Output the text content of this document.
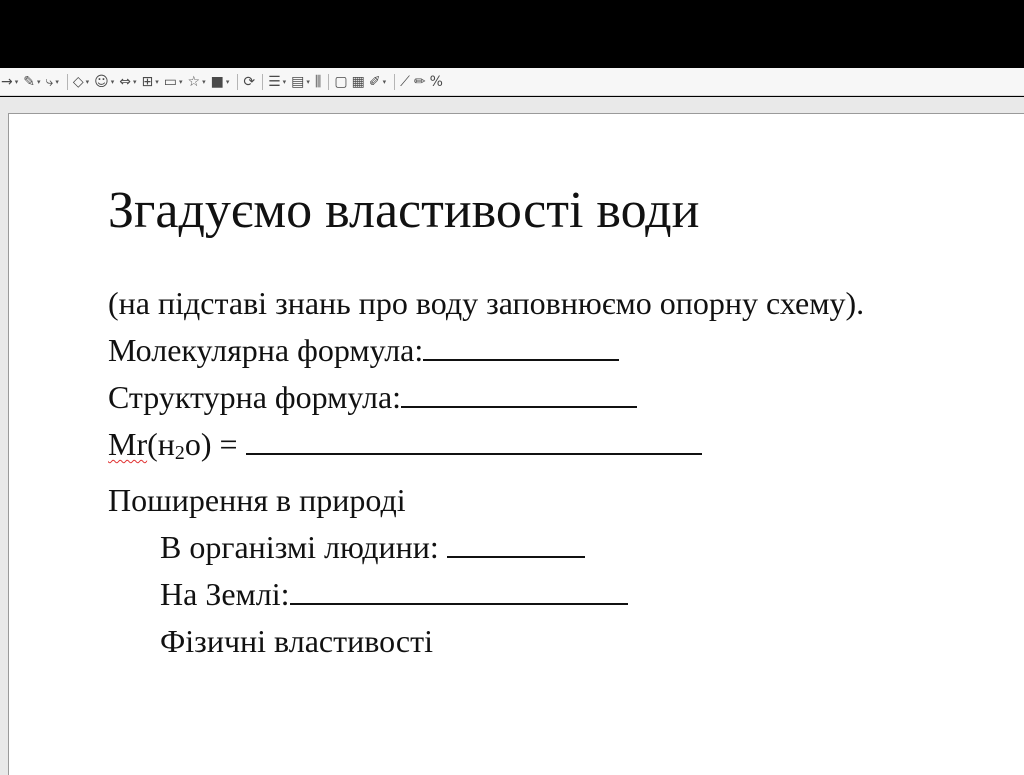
→ ▾ ✎ ▾ ⤷ ▾ ◇ ▾ ☺ ▾ ⇔ ▾ ⊞ ▾ ▭ ▾ ☆ ▾ ■ ▾ ⟳ ☰ ▾ ▤ ▾ ⫼ ▢ ▦ ✐ ▾ ⟋ ✏ %
Згадуємо властивості води

(на підставі знань про воду заповнюємо опорну схему).

Молекулярна формула:

Структурна формула:

$Mr(н_2о)$ =

Поширення в природі

В організмі людини:

На Землі:

Фізичні властивості
